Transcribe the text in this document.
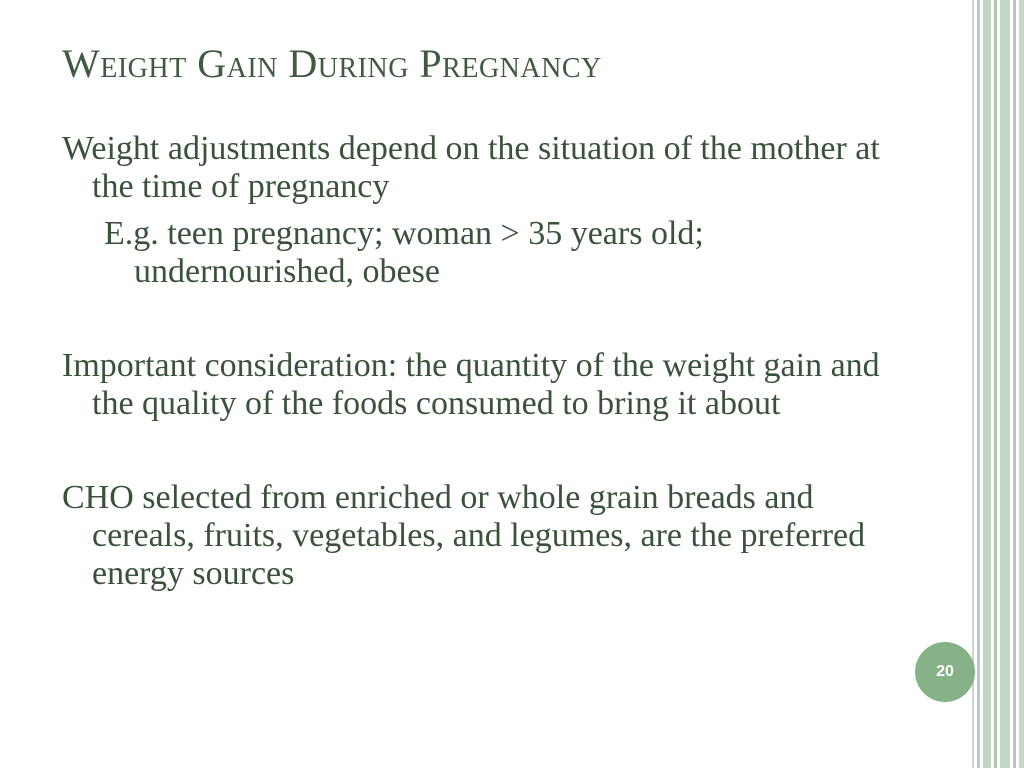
Weight Gain During Pregnancy

Weight adjustments depend on the situation of the mother at the time of pregnancy

E.g. teen pregnancy; woman > 35 years old; undernourished, obese

Important consideration: the quantity of the weight gain and the quality of the foods consumed to bring it about

CHO selected from enriched or whole grain breads and cereals, fruits, vegetables, and legumes, are the preferred energy sources

20
